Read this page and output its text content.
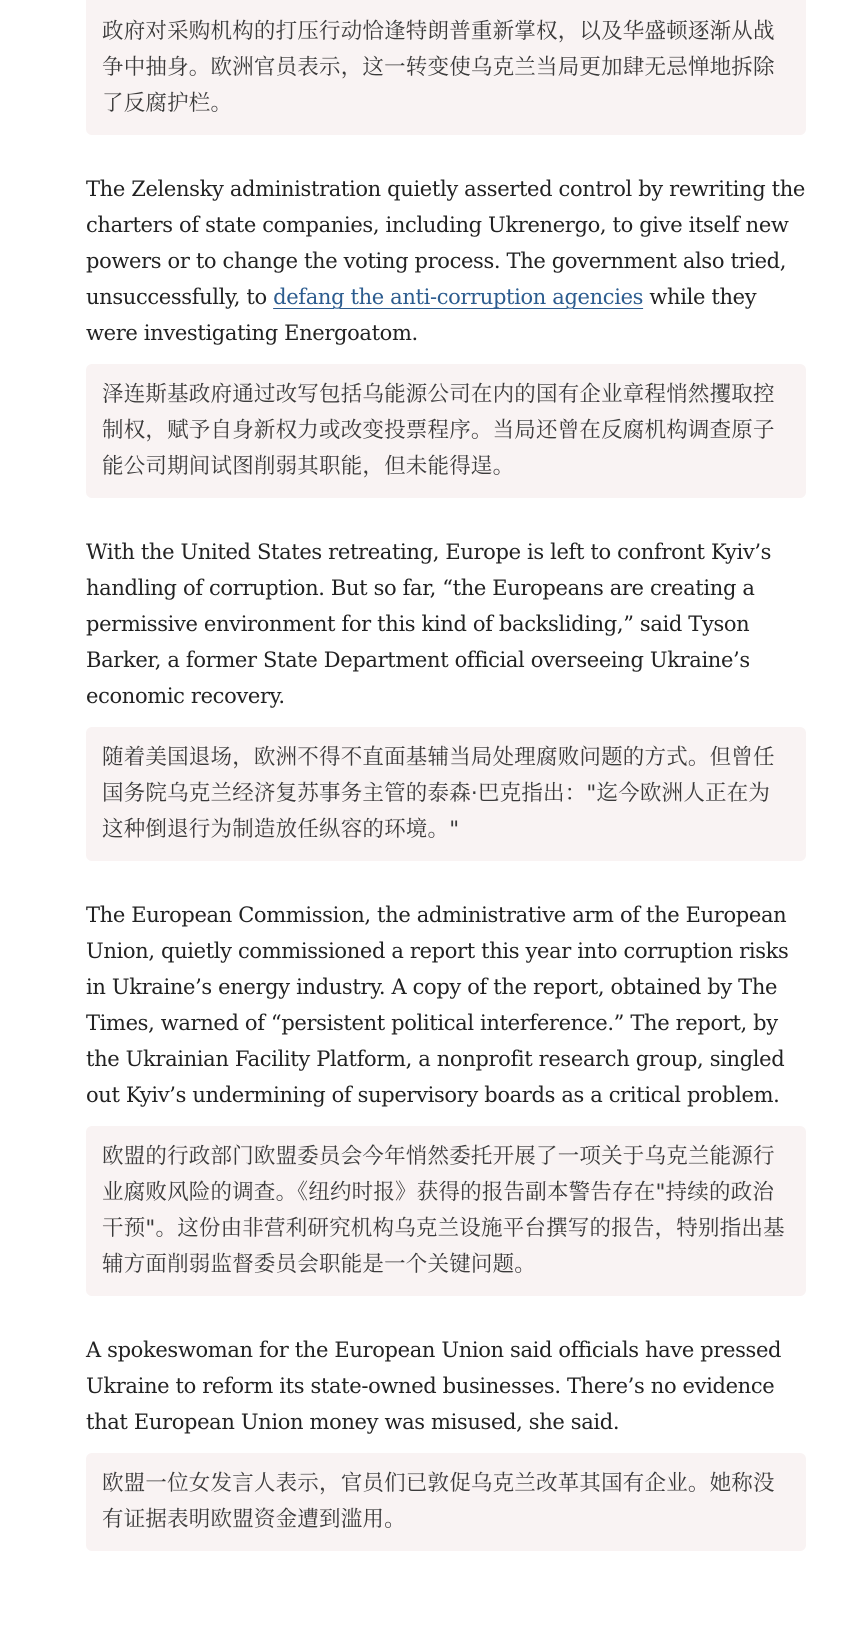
政府对采购机构的打压行动恰逢特朗普重新掌权，以及华盛顿逐渐从战争中抽身。欧洲官员表示，这一转变使乌克兰当局更加肆无忌惮地拆除了反腐护栏。

The Zelensky administration quietly asserted control by rewriting the charters of state companies, including Ukrenergo, to give itself new powers or to change the voting process. The government also tried, unsuccessfully, to defang the anti-corruption agencies while they were investigating Energoatom.

泽连斯基政府通过改写包括乌能源公司在内的国有企业章程悄然攫取控制权，赋予自身新权力或改变投票程序。当局还曾在反腐机构调查原子能公司期间试图削弱其职能，但未能得逞。

With the United States retreating, Europe is left to confront Kyiv’s handling of corruption. But so far, “the Europeans are creating a permissive environment for this kind of backsliding,” said Tyson Barker, a former State Department official overseeing Ukraine’s economic recovery.

随着美国退场，欧洲不得不直面基辅当局处理腐败问题的方式。但曾任国务院乌克兰经济复苏事务主管的泰森·巴克指出："迄今欧洲人正在为这种倒退行为制造放任纵容的环境。"

The European Commission, the administrative arm of the European Union, quietly commissioned a report this year into corruption risks in Ukraine’s energy industry. A copy of the report, obtained by The Times, warned of “persistent political interference.” The report, by the Ukrainian Facility Platform, a nonprofit research group, singled out Kyiv’s undermining of supervisory boards as a critical problem.

欧盟的行政部门欧盟委员会今年悄然委托开展了一项关于乌克兰能源行业腐败风险的调查。《纽约时报》获得的报告副本警告存在"持续的政治干预"。这份由非营利研究机构乌克兰设施平台撰写的报告，特别指出基辅方面削弱监督委员会职能是一个关键问题。

A spokeswoman for the European Union said officials have pressed Ukraine to reform its state-owned businesses. There’s no evidence that European Union money was misused, she said.

欧盟一位女发言人表示，官员们已敦促乌克兰改革其国有企业。她称没有证据表明欧盟资金遭到滥用。
